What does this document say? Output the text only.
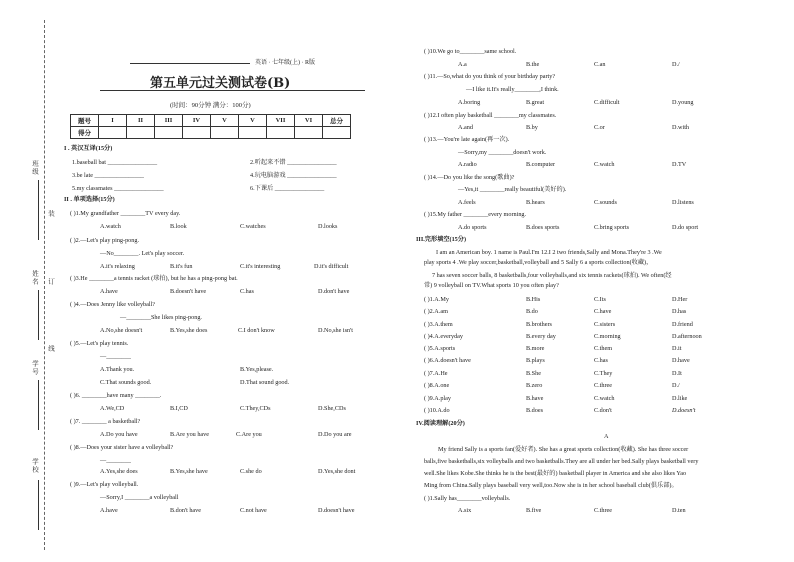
班
级
姓
名
学
号
学
校
装
订
线
英语 · 七年级(上) · R版
第五单元过关测试卷(B)
(时间：90分钟 满分：100分)
题号	I	II	III	IV	V	V	VII	VI	总分
得分									
I . 英汉互译(15分)
1.baseball bat ________________	2.听起来不错 ________________
3.be late ________________	4.玩电脑游戏 ________________
5.my classmates ________________	6.下课后 ________________
II . 单项选择(15分)
( )1.My grandfather ________TV every day.
A.watch	B.look	C.watches	D.looks
( )2.—Let's play ping-pong.
—No________. Let's play soccer.
A.it's relaxing	B.it's fun	C.it's interesting	D.it's difficult
( )3.He ________a tennis racket (球拍), but he has a ping-pong bat.
A.have	B.doesn't have	C.has	D.don't have
( )4.—Does Jenny like volleyball?
—________She likes ping-pong.
A.No,she doesn't	B.Yes,she does	C.I don't know	D.No,she isn't
( )5.—Let's play tennis.
—________
A.Thank you.	B.Yes,please.
C.That sounds good.	D.That sound good.
( )6. ________have many ________.
A.We,CD	B.I,CD	C.They,CDs	D.She,CDs
( )7. ________ a basketball?
A.Do you have	B.Are you have	C.Are you	D.Do you are
( )8.—Does your sister have a volleyball?
—________
A.Yes,she does	B.Yes,she have	C.she do	D.Yes,she dont
( )9.—Let's play volleyball.
—Sorry,I ________a volleyball
A.have	B.don't have	C.not have	D.doesn't have
( )10.We go to________same school.
A.a	B.the	C.an	D./
( )11.—So,what do you think of your birthday party?
—I like it.It's really________,I think.
A.boring	B.great	C.difficult	D.young
( )12.I often play basketball ________my classmates.
A.and	B.by	C.or	D.with
( )13.—You're late again(再一次).
—Sorry,my ________doesn't work.
A.radio	B.computer	C.watch	D.TV
( )14.—Do you like the song(歌曲)?
—Yes,it ________really beautiful(美好的).
A.feels	B.hears	C.sounds	D.listens
( )15.My father ________every morning.
A.do sports	B.does sports	C.bring sports	D.do sport
III.完形填空(15分)
I am an American boy. 1 name is Paul.I'm 12.I 2 two friends,Sally and Mona.They're 3 .We
play sports 4 .We play soccer,basketball,volleyball and 5 Sally 6 a sports collection(收藏)，
7 has seven soccer balls, 8 basketballs,four volleyballs,and six tennis rackets(球拍). We often(经
常) 9 volleyball on TV.What sports 10 you often play?
( )1.A.My	B.His	C.Its	D.Her
( )2.A.am	B.do	C.have	D.has
( )3.A.them	B.brothers	C.sisters	D.friend
( )4.A.everyday	B.every day	C.morning	D.afternoon
( )5.A.sports	B.more	C.them	D.it
( )6.A.doesn't have	B.plays	C.has	D.have
( )7.A.He	B.She	C.They	D.It
( )8.A.one	B.zero	C.three	D./
( )9.A.play	B.have	C.watch	D.like
( )10.A.do	B.does	C.don't	D.doesn't
IV.阅读理解(20分)
A
My friend Sally is a sports fan(爱好者). She has a great sports collection(收藏). She has three soccer
balls,five basketballs,six volleyballs and two basketballs.They are all under her bed.Sally plays basketball very
well.She likes Kobe.She thinks he is the best(最好的) basketball player in America and she also likes Yao
Ming from China.Sally plays baseball very well,too.Now she is in her school baseball club(俱乐部)。
( )1.Sally has________volleyballs.
A.six	B.five	C.three	D.ten
